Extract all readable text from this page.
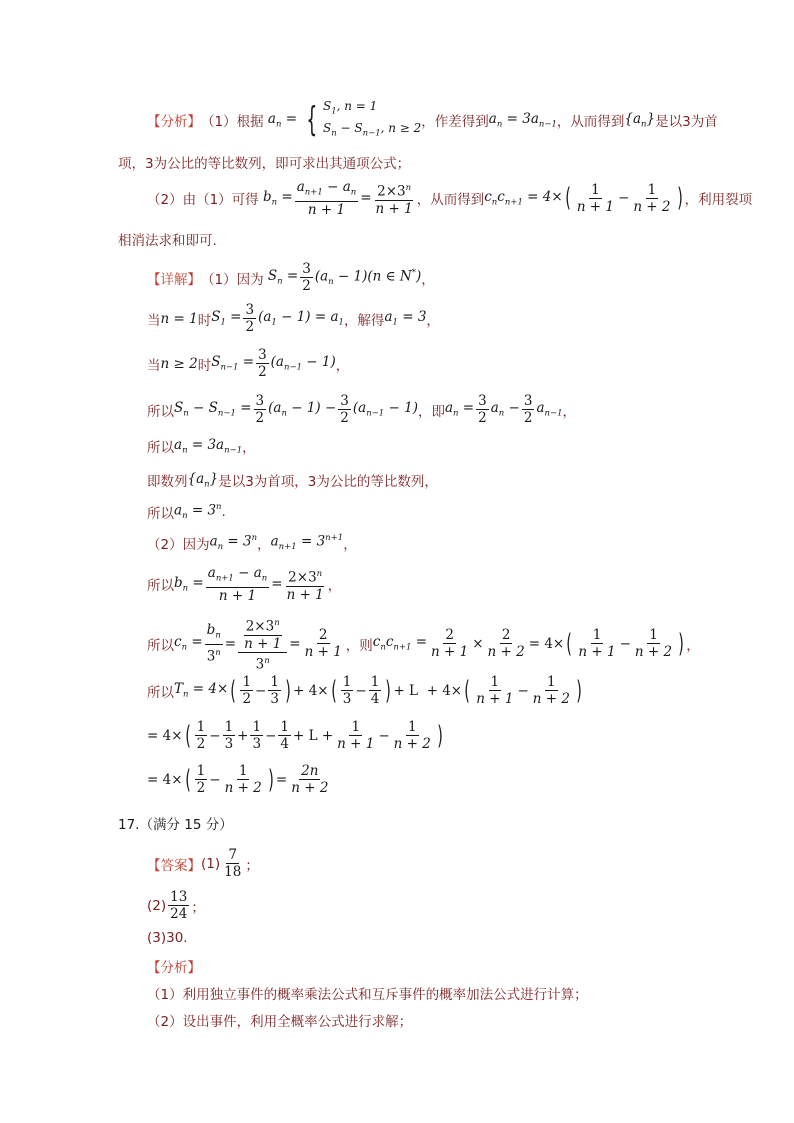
【分析】 （1）根据 $a_n$ = { $S_1$, n = 1
$S_n - S_{n-1}$, n ≥ 2 ，作差得到 $a_n = 3a_{n-1}$ ，从而得到 $\{a_n\}$ 是以3为首
项，3为公比的等比数列，即可求出其通项公式；
（2）由（1）可得 $b_n = \frac{a_{n+1} - a_n}{n + 1} = \frac{2\times 3^n}{n + 1}$ ，从而得到 $c_nc_{n+1} = 4\times$ ( $\frac{1}{n + 1} - \frac{1}{n + 2}$ ) ，利用裂项
相消法求和即可.
【详解】 （1）因为 $S_n = \frac{3}{2} (a_n - 1)(n$ ∈ N*) ，
当 n = 1 时 $S_1 = \frac{3}{2} (a_1 - 1) = a_1$ ，解得 $a_1 = 3$ ，
当 n ≥ 2 时 $S_{n-1} = \frac{3}{2} (a_{n-1} - 1)$ ，
所以 $S_n - S_{n-1} = \frac{3}{2} (a_n - 1) - \frac{3}{2} (a_{n-1} - 1)$ ，即 $a_n = \frac{3}{2} a_n - \frac{3}{2} a_{n-1}$ ，
所以 $a_n = 3a_{n-1}$ ，
即数列 $\{a_n\}$ 是以3为首项，3为公比的等比数列，
所以 $a_n = 3^n$ .
（2）因为 $a_n = 3^n$ ， $a_{n+1} = 3^{n+1}$ ，
所以 $b_n = \frac{a_{n+1} - a_n}{n + 1} = \frac{2\times 3^n}{n + 1}$ ，
所以 $c_n = \frac{b_n}{3^n} = \frac{\frac{2\times 3^n}{n + 1}}{3^n} = \frac{2}{n + 1}$ ，则 $c_nc_{n+1} = \frac{2}{n + 1} \times \frac{2}{n + 2} = 4\times$ ( $\frac{1}{n + 1} - \frac{1}{n + 2}$ ) ，
所以 $T_n = 4\times$ ( $\frac{1}{2} - \frac{1}{3}$ ) + 4× ( $\frac{1}{3} - \frac{1}{4}$ ) + L  + 4× ( $\frac{1}{n + 1} - \frac{1}{n + 2}$ )
= 4× ( $\frac{1}{2} - \frac{1}{3} + \frac{1}{3} - \frac{1}{4} + L + \frac{1}{n + 1} - \frac{1}{n + 2}$ )
= 4× ( $\frac{1}{2} - \frac{1}{n + 2}$ ) = $\frac{2n}{n + 2}$
17.（满分 15 分）
【答案】 $(1) \frac{7}{18}$ ；
$(2) \frac{13}{24}$ ；
(3)30.
【分析】
（1）利用独立事件的概率乘法公式和互斥事件的概率加法公式进行计算；
（2）设出事件，利用全概率公式进行求解；
